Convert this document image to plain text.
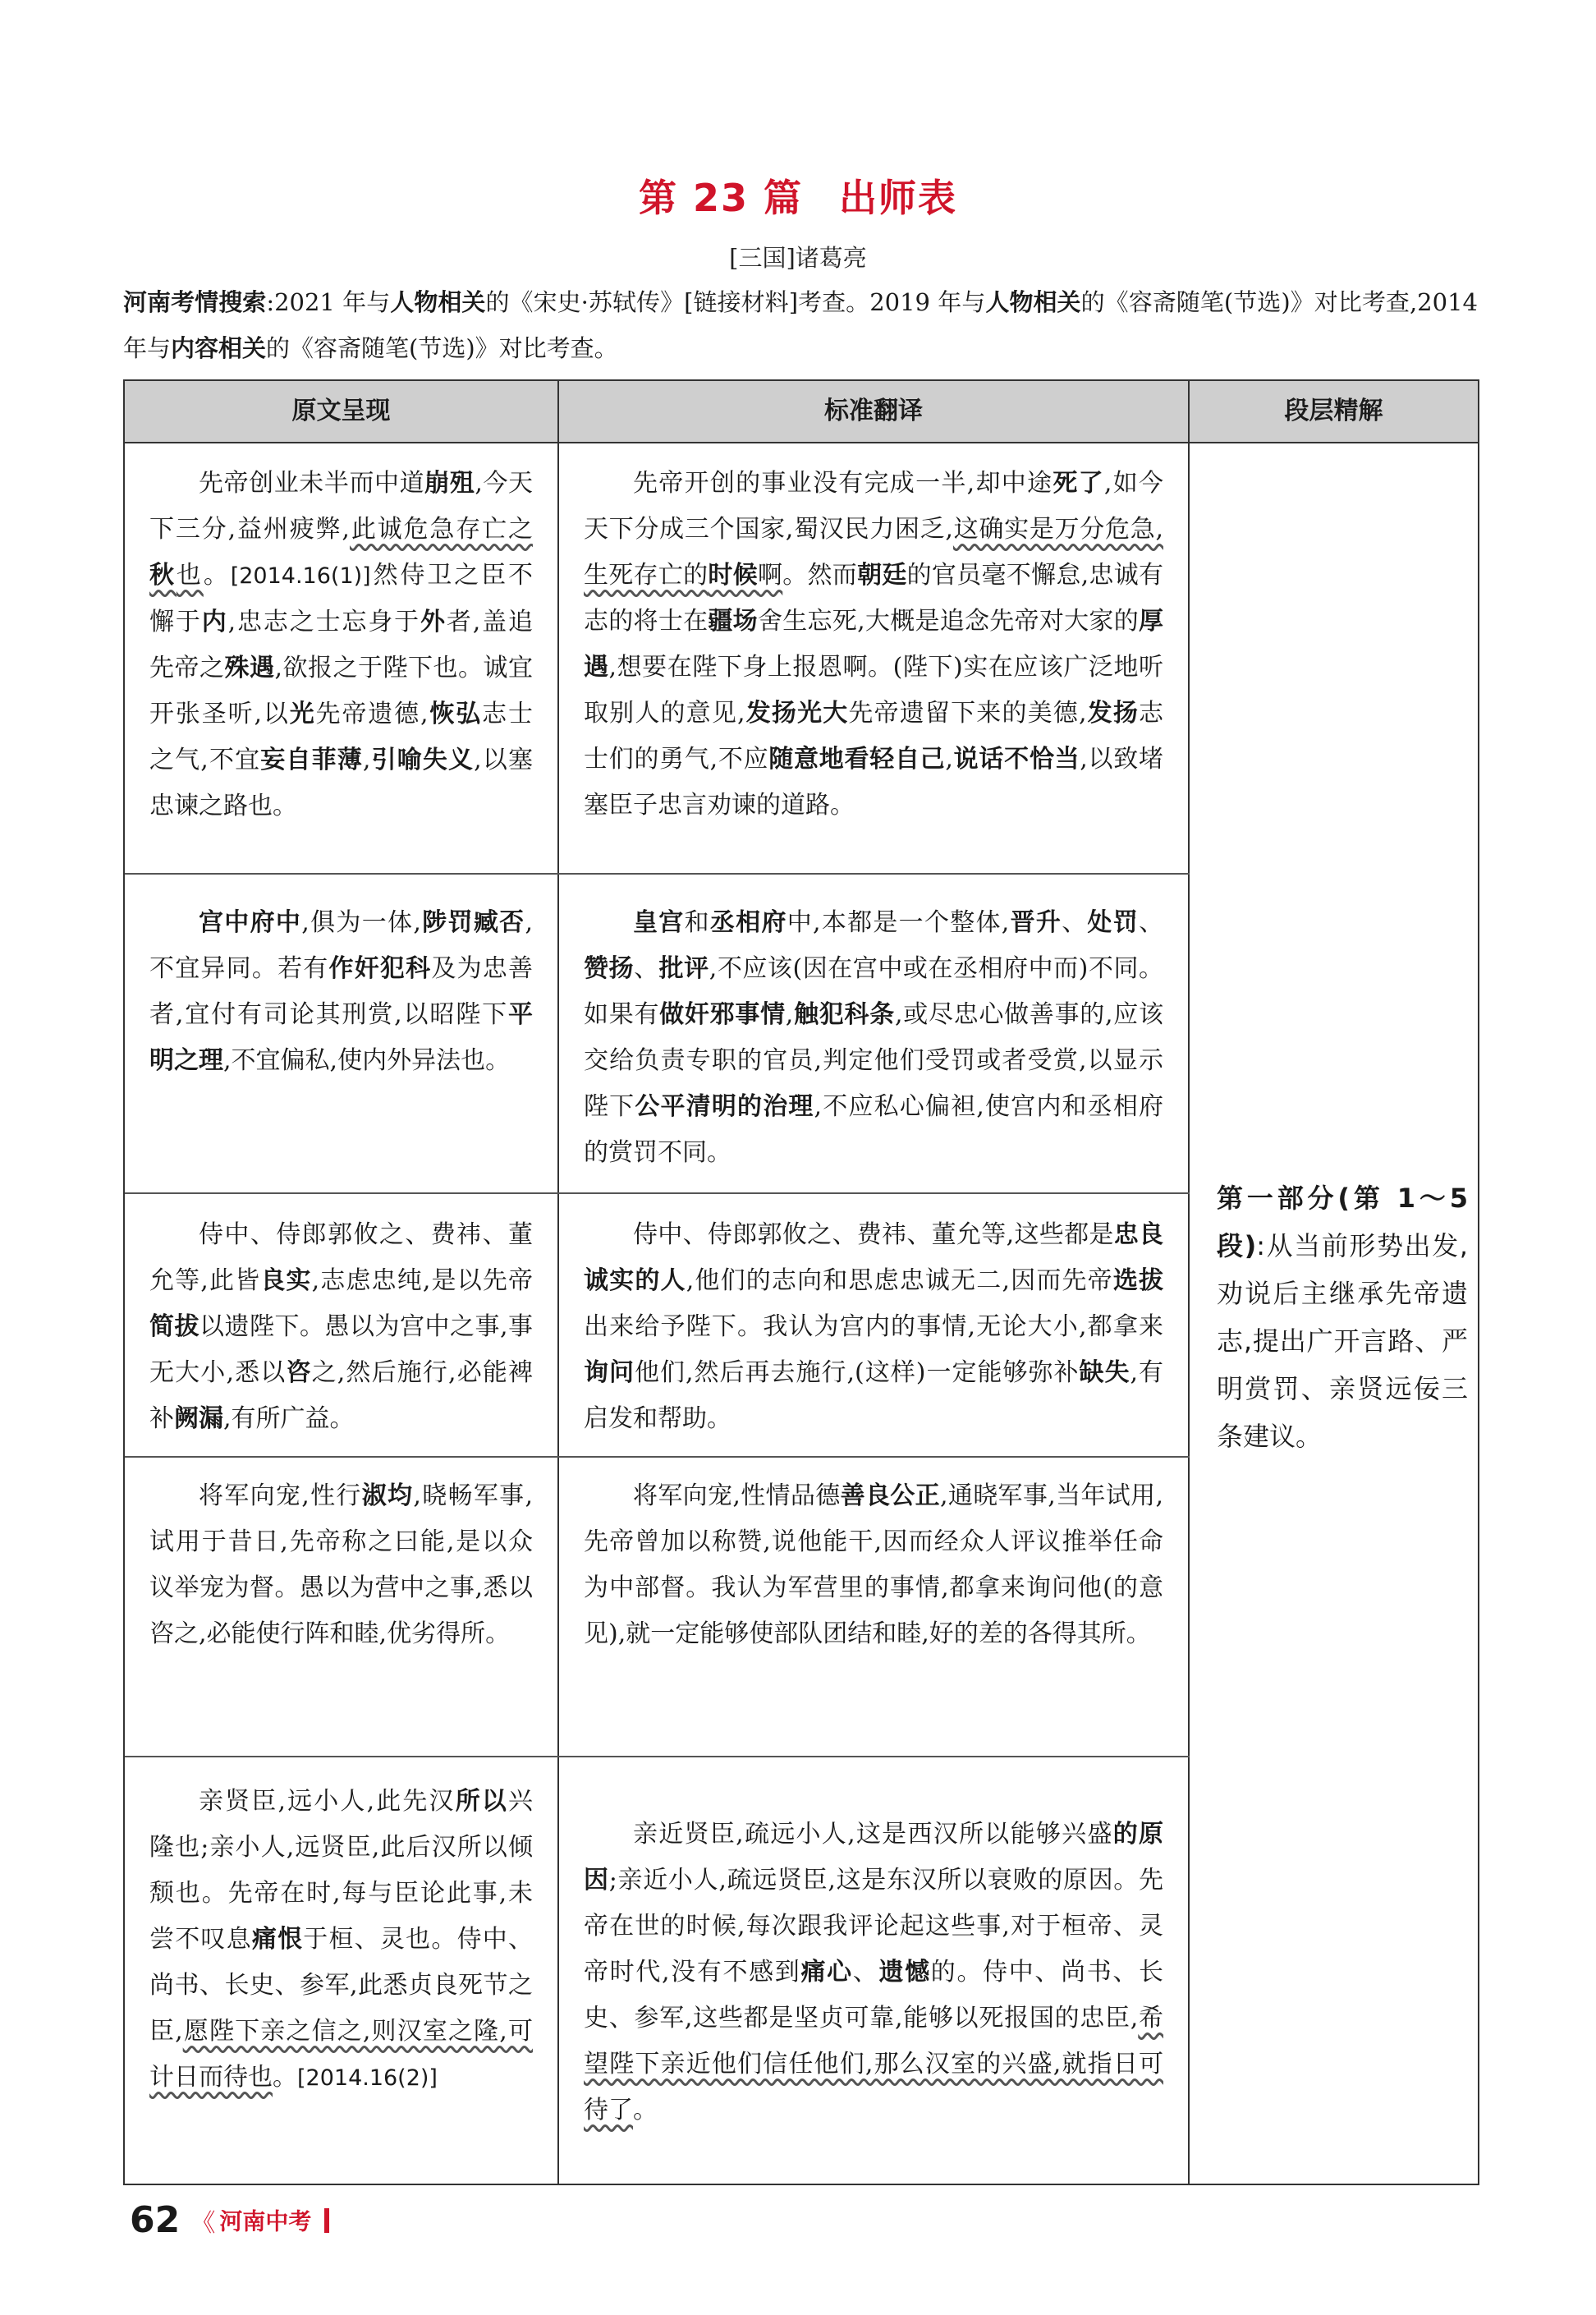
第 23 篇 出师表
[三国]诸葛亮
河南考情搜索:2021 年与人物相关的《宋史·苏轼传》[链接材料]考查。2019 年与人物相关的《容斋随笔(节选)》对比考查,2014 年与内容相关的《容斋随笔(节选)》对比考查。
原文呈现	标准翻译	段层精解
先帝创业未半而中道崩殂,今天下三分,益州疲弊,此诚危急存亡之秋也。[2014.16(1)]然侍卫之臣不懈于内,忠志之士忘身于外者,盖追先帝之殊遇,欲报之于陛下也。诚宜开张圣听,以光先帝遗德,恢弘志士之气,不宜妄自菲薄,引喻失义,以塞忠谏之路也。
先帝开创的事业没有完成一半,却中途死了,如今天下分成三个国家,蜀汉民力困乏,这确实是万分危急,生死存亡的时候啊。然而朝廷的官员毫不懈怠,忠诚有志的将士在疆场舍生忘死,大概是追念先帝对大家的厚遇,想要在陛下身上报恩啊。(陛下)实在应该广泛地听取别人的意见,发扬光大先帝遗留下来的美德,发扬志士们的勇气,不应随意地看轻自己,说话不恰当,以致堵塞臣子忠言劝谏的道路。
宫中府中,俱为一体,陟罚臧否,不宜异同。若有作奸犯科及为忠善者,宜付有司论其刑赏,以昭陛下平明之理,不宜偏私,使内外异法也。
皇宫和丞相府中,本都是一个整体,晋升、处罚、赞扬、批评,不应该(因在宫中或在丞相府中而)不同。如果有做奸邪事情,触犯科条,或尽忠心做善事的,应该交给负责专职的官员,判定他们受罚或者受赏,以显示陛下公平清明的治理,不应私心偏袒,使宫内和丞相府的赏罚不同。
侍中、侍郎郭攸之、费祎、董允等,此皆良实,志虑忠纯,是以先帝简拔以遗陛下。愚以为宫中之事,事无大小,悉以咨之,然后施行,必能裨补阙漏,有所广益。
侍中、侍郎郭攸之、费祎、董允等,这些都是忠良诚实的人,他们的志向和思虑忠诚无二,因而先帝选拔出来给予陛下。我认为宫内的事情,无论大小,都拿来询问他们,然后再去施行,(这样)一定能够弥补缺失,有启发和帮助。
将军向宠,性行淑均,晓畅军事,试用于昔日,先帝称之曰能,是以众议举宠为督。愚以为营中之事,悉以咨之,必能使行阵和睦,优劣得所。
将军向宠,性情品德善良公正,通晓军事,当年试用,先帝曾加以称赞,说他能干,因而经众人评议推举任命为中部督。我认为军营里的事情,都拿来询问他(的意见),就一定能够使部队团结和睦,好的差的各得其所。
亲贤臣,远小人,此先汉所以兴隆也;亲小人,远贤臣,此后汉所以倾颓也。先帝在时,每与臣论此事,未尝不叹息痛恨于桓、灵也。侍中、尚书、长史、参军,此悉贞良死节之臣,愿陛下亲之信之,则汉室之隆,可计日而待也。[2014.16(2)]
亲近贤臣,疏远小人,这是西汉所以能够兴盛的原因;亲近小人,疏远贤臣,这是东汉所以衰败的原因。先帝在世的时候,每次跟我评论起这些事,对于桓帝、灵帝时代,没有不感到痛心、遗憾的。侍中、尚书、长史、参军,这些都是坚贞可靠,能够以死报国的忠臣,希望陛下亲近他们信任他们,那么汉室的兴盛,就指日可待了。
第一部分(第 1～5 段):从当前形势出发,劝说后主继承先帝遗志,提出广开言路、严明赏罚、亲贤远佞三条建议。
62 《 河南中考
